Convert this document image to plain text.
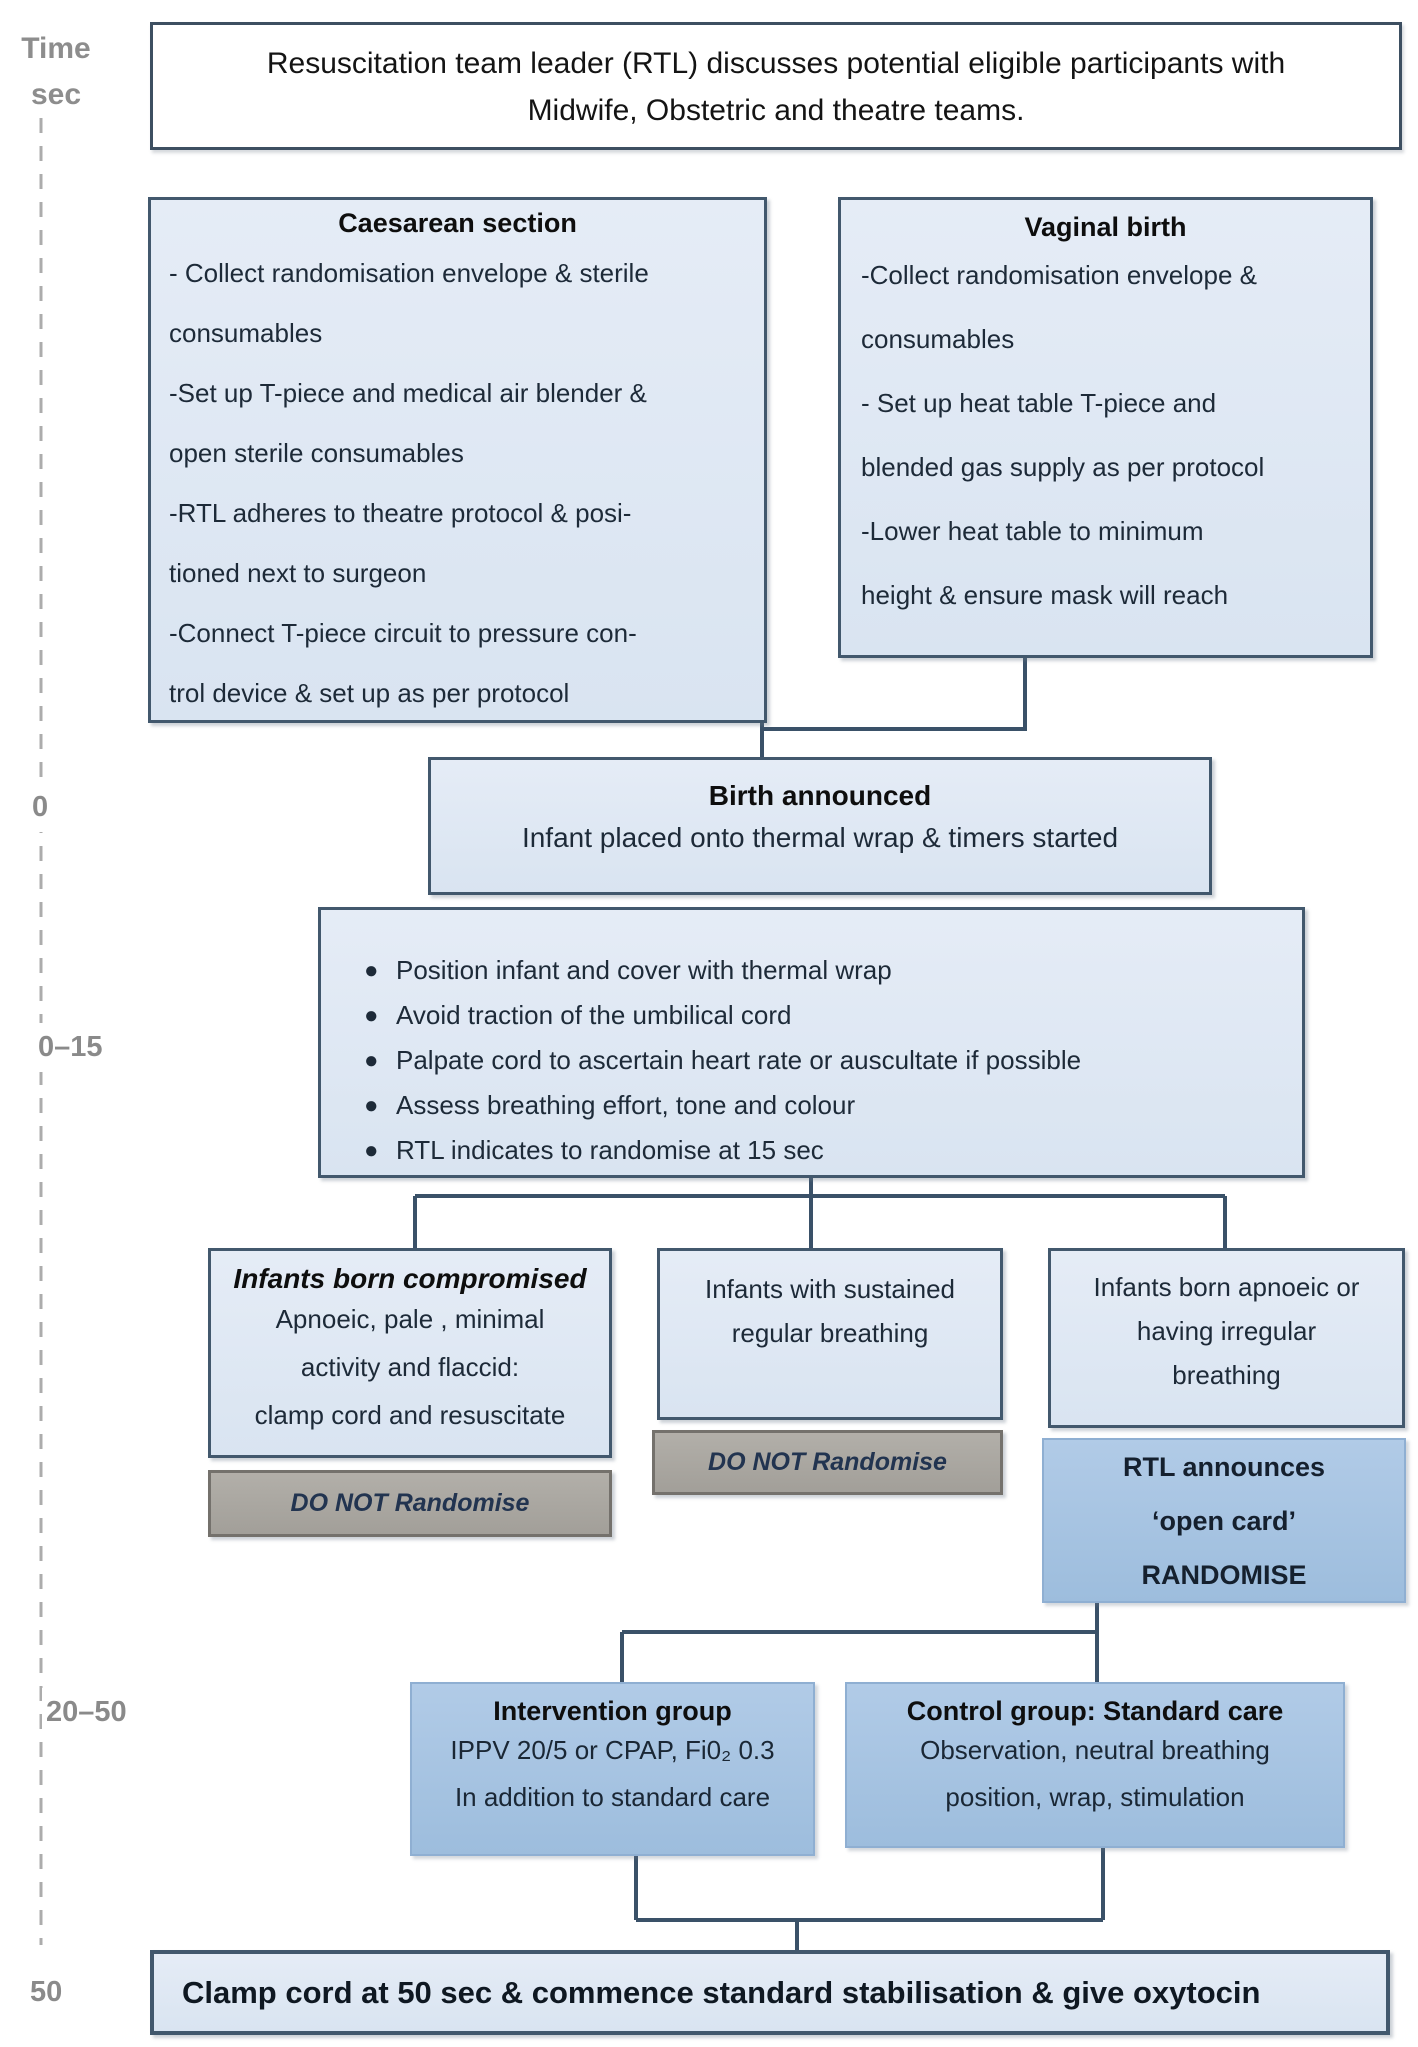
Time
sec
0
0–15
20–50
50
Resuscitation team leader (RTL) discusses potential eligible participants with
Midwife, Obstetric and theatre teams.
Caesarean section
- Collect randomisation envelope & sterile
consumables
-Set up T-piece and medical air blender &
open sterile consumables
-RTL adheres to theatre protocol & posi-
tioned next to surgeon
-Connect T-piece circuit to pressure con-
trol device & set up as per protocol
Vaginal birth
-Collect randomisation envelope &
consumables
- Set up heat table T-piece and
blended gas supply as per protocol
-Lower heat table to minimum
height & ensure mask will reach
Birth announced
Infant placed onto thermal wrap & timers started
● Position infant and cover with thermal wrap
● Avoid traction of the umbilical cord
● Palpate cord to ascertain heart rate or auscultate if possible
● Assess breathing effort, tone and colour
● RTL indicates to randomise at 15 sec
Infants born compromised
Apnoeic, pale , minimal
activity and flaccid:
clamp cord and resuscitate
DO NOT Randomise
Infants with sustained
regular breathing
DO NOT Randomise
Infants born apnoeic or
having irregular
breathing
RTL announces
‘open card’
RANDOMISE
Intervention group
IPPV 20/5 or CPAP, Fi0₂ 0.3
In addition to standard care
Control group: Standard care
Observation, neutral breathing
position, wrap, stimulation
Clamp cord at 50 sec & commence standard stabilisation & give oxytocin
